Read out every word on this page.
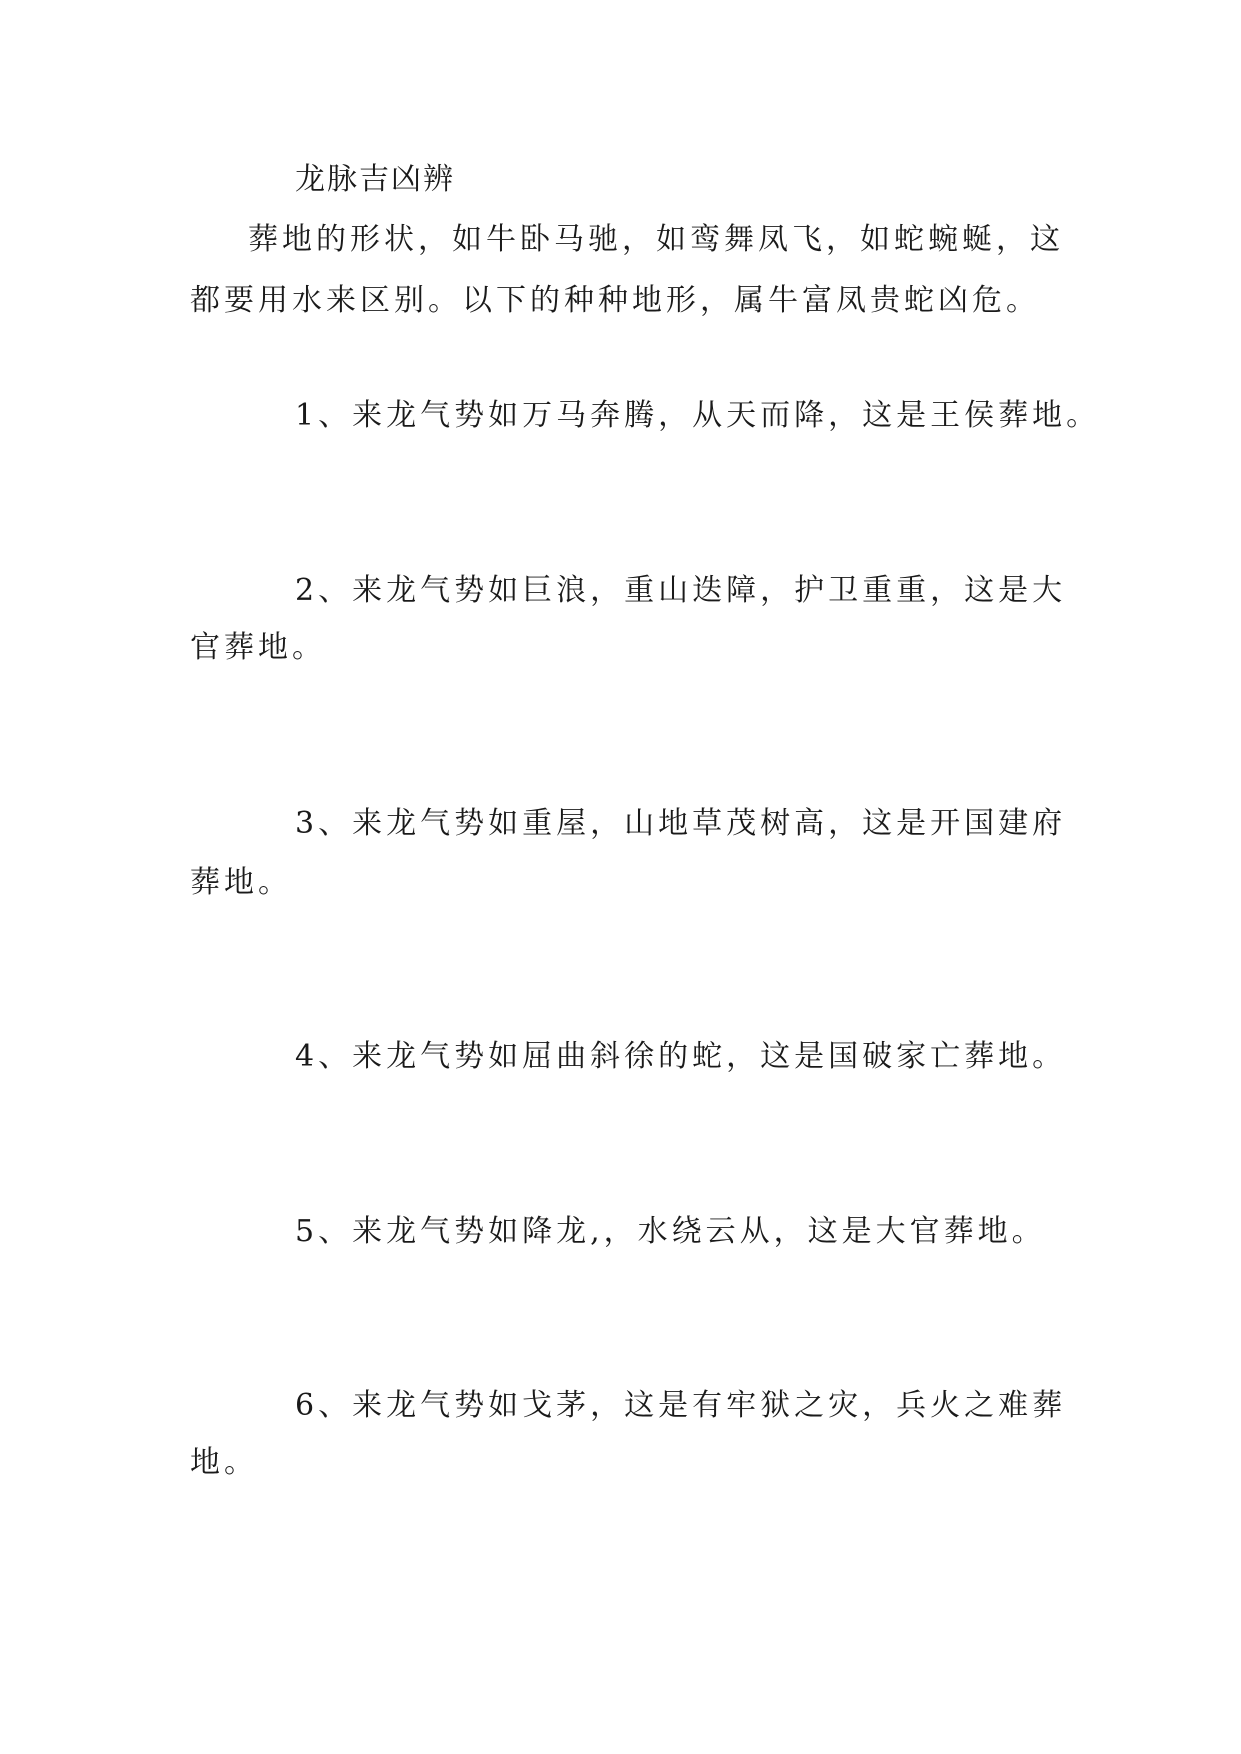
龙脉吉凶辨
葬地的形状，如牛卧马驰，如鸾舞凤飞，如蛇蜿蜒，这
都要用水来区别。以下的种种地形，属牛富凤贵蛇凶危。
1、来龙气势如万马奔腾，从天而降，这是王侯葬地。
2、来龙气势如巨浪，重山迭障，护卫重重，这是大
官葬地。
3、来龙气势如重屋，山地草茂树高，这是开国建府
葬地。
4、来龙气势如屈曲斜徐的蛇，这是国破家亡葬地。
5、来龙气势如降龙,，水绕云从，这是大官葬地。
6、来龙气势如戈茅，这是有牢狱之灾，兵火之难葬
地。
